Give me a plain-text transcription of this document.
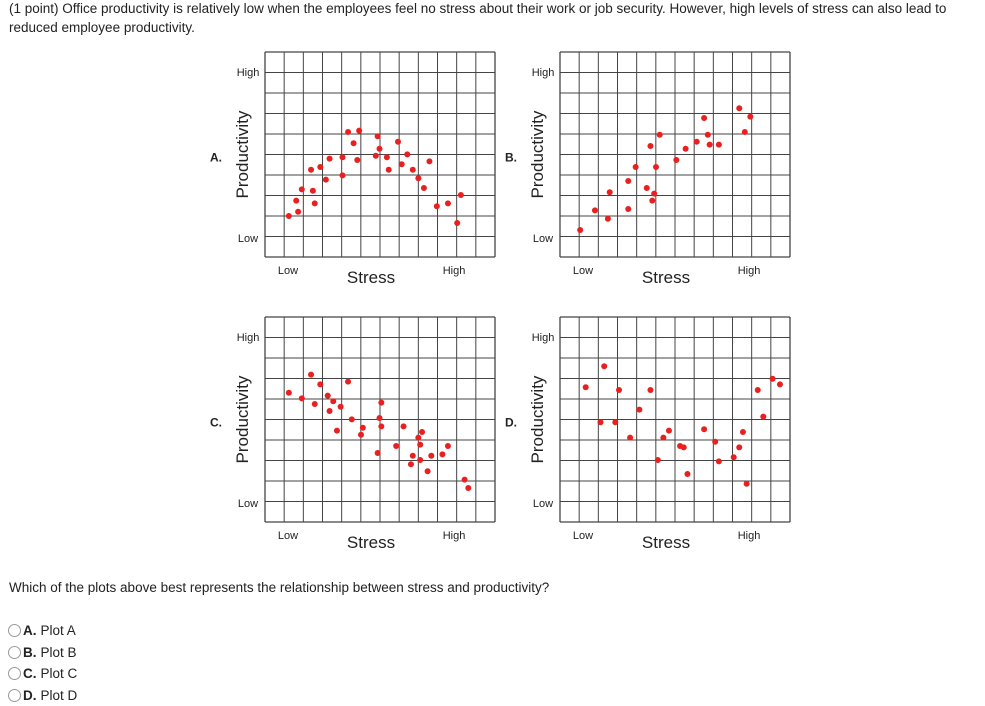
(1 point) Office productivity is relatively low when the employees feel no stress about their work or job security. However, high levels of stress can also lead to reduced employee productivity.
A.
High
Low
Productivity
Low	High
Stress
B.
High
Low
Productivity
Low	High
Stress
C.
High
Low
Productivity
Low	High
Stress
D.
High
Low
Productivity
Low	High
Stress
Which of the plots above best represents the relationship between stress and productivity?
A. Plot A
B. Plot B
C. Plot C
D. Plot D
